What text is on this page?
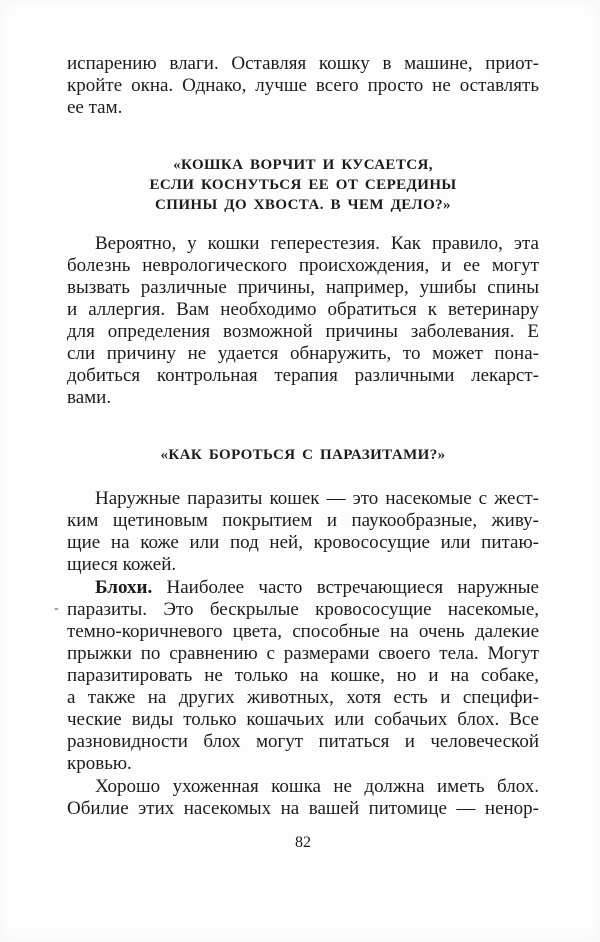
испарению влаги. Оставляя кошку в машине, приот-
кройте окна. Однако, лучше всего просто не оставлять
ее там.
«КОШКА ВОРЧИТ И КУСАЕТСЯ,
ЕСЛИ КОСНУТЬСЯ ЕЕ ОТ СЕРЕДИНЫ
СПИНЫ ДО ХВОСТА. В ЧЕМ ДЕЛО?»
Вероятно, у кошки геперестезия. Как правило, эта
болезнь неврологического происхождения, и ее могут
вызвать различные причины, например, ушибы спины
и аллергия. Вам необходимо обратиться к ветеринару
для определения возможной причины заболевания. Е
сли причину не удается обнаружить, то может пона-
добиться контрольная терапия различными лекарст-
вами.
-
«КАК БОРОТЬСЯ С ПАРАЗИТАМИ?»
Наружные паразиты кошек — это насекомые с жест-
ким щетиновым покрытием и паукообразные, живу-
щие на коже или под ней, кровососущие или питаю-
щиеся кожей.
Блохи. Наиболее часто встречающиеся наружные
паразиты. Это бескрылые кровососущие насекомые,
темно-коричневого цвета, способные на очень далекие
прыжки по сравнению с размерами своего тела. Могут
паразитировать не только на кошке, но и на собаке,
а также на других животных, хотя есть и специфи-
ческие виды только кошачьих или собачьих блох. Все
разновидности блох могут питаться и человеческой
кровью.
Хорошо ухоженная кошка не должна иметь блох.
Обилие этих насекомых на вашей питомице — ненор-
82
